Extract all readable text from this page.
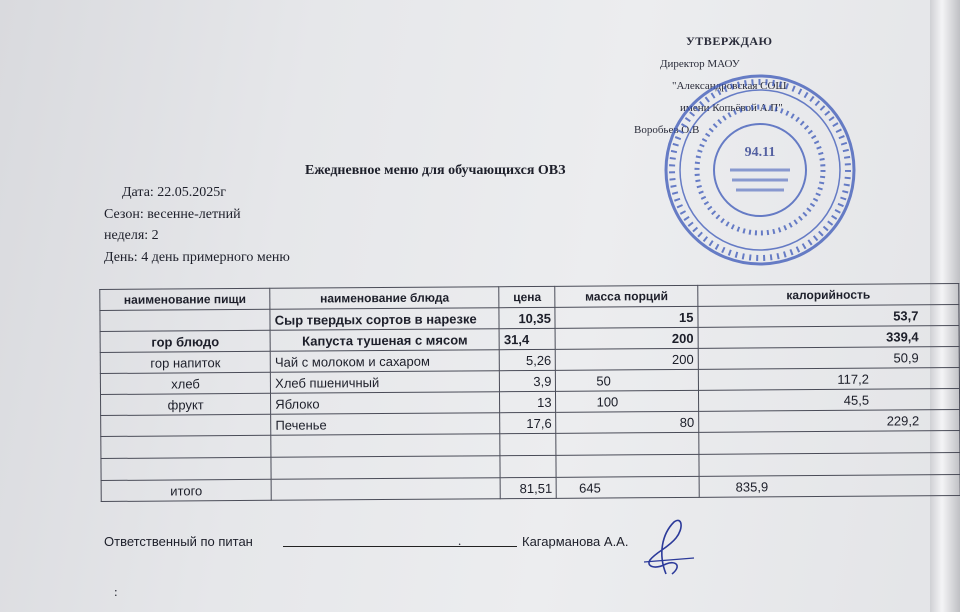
УТВЕРЖДАЮ
Директор МАОУ
"Александровская СОШ
имени Копьёвой А.П"
Воробьев О.В
94.11
Ежедневное меню для обучающихся ОВЗ
Дата: 22.05.2025г
Сезон: весенне-летний
неделя: 2
День: 4 день примерного меню
наименование пищи	наименование блюда	цена	масса порций	калорийность
	Сыр твердых сортов в нарезке	10,35	15	53,7
гор блюдо	Капуста тушеная с мясом	31,4	200	339,4
гор напиток	Чай с молоком и сахаром	5,26	200	50,9
хлеб	Хлеб пшеничный	3,9	50	117,2
фрукт	Яблоко	13	100	45,5
	Печенье	17,6	80	229,2

итого		81,51	645	835,9
Ответственный по питан	.	Кагарманова А.А.
:
